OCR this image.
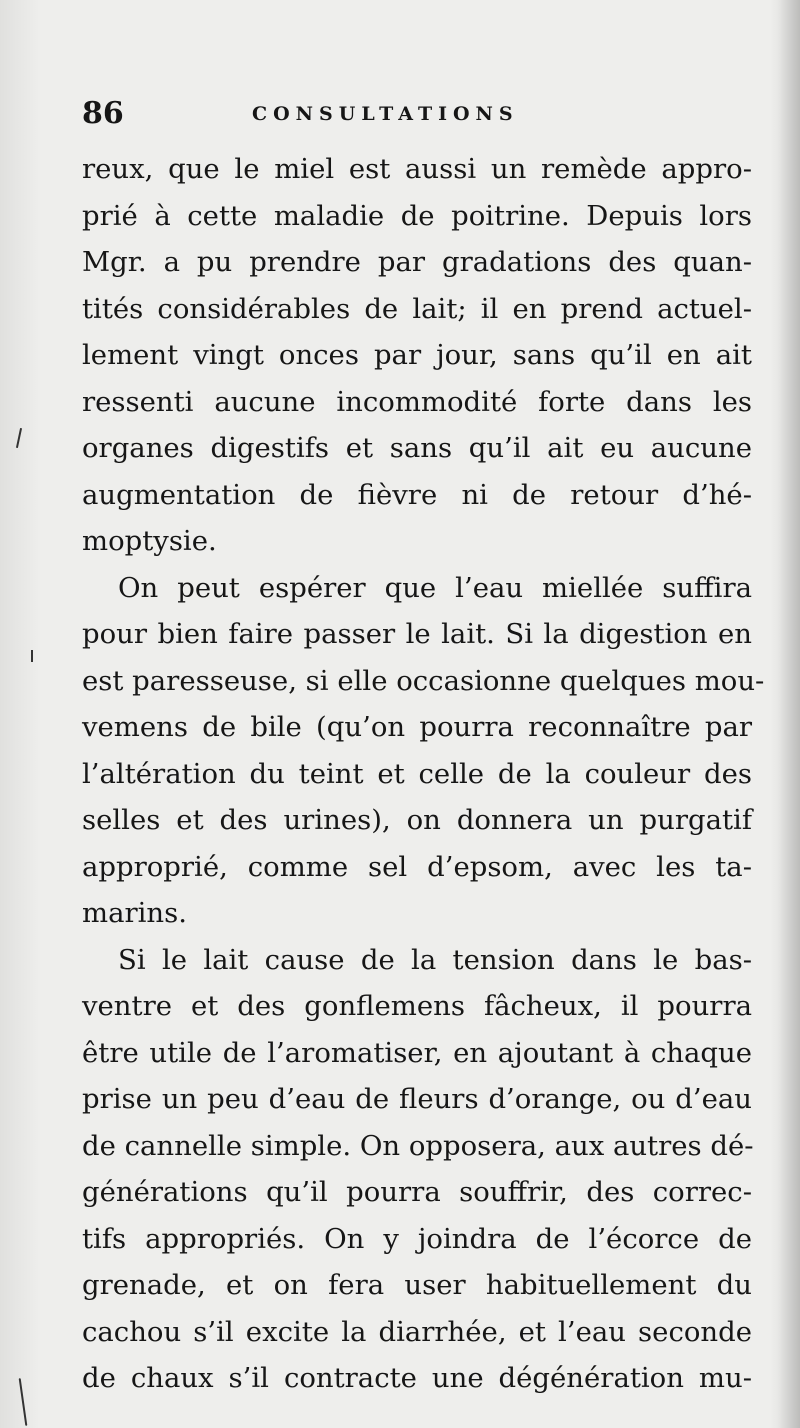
86	CONSULTATIONS
reux, que le miel est aussi un remède appro-
prié à cette maladie de poitrine. Depuis lors
Mgr. a pu prendre par gradations des quan-
tités considérables de lait; il en prend actuel-
lement vingt onces par jour, sans qu’il en ait
ressenti aucune incommodité forte dans les
organes digestifs et sans qu’il ait eu aucune
augmentation de fièvre ni de retour d’hé-
moptysie.
On peut espérer que l’eau miellée suffira
pour bien faire passer le lait. Si la digestion en
est paresseuse, si elle occasionne quelques mou-
vemens de bile (qu’on pourra reconnaître par
l’altération du teint et celle de la couleur des
selles et des urines), on donnera un purgatif
approprié, comme sel d’epsom, avec les ta-
marins.
Si le lait cause de la tension dans le bas-
ventre et des gonflemens fâcheux, il pourra
être utile de l’aromatiser, en ajoutant à chaque
prise un peu d’eau de fleurs d’orange, ou d’eau
de cannelle simple. On opposera, aux autres dé-
générations qu’il pourra souffrir, des correc-
tifs appropriés. On y joindra de l’écorce de
grenade, et on fera user habituellement du
cachou s’il excite la diarrhée, et l’eau seconde
de chaux s’il contracte une dégénération mu-
